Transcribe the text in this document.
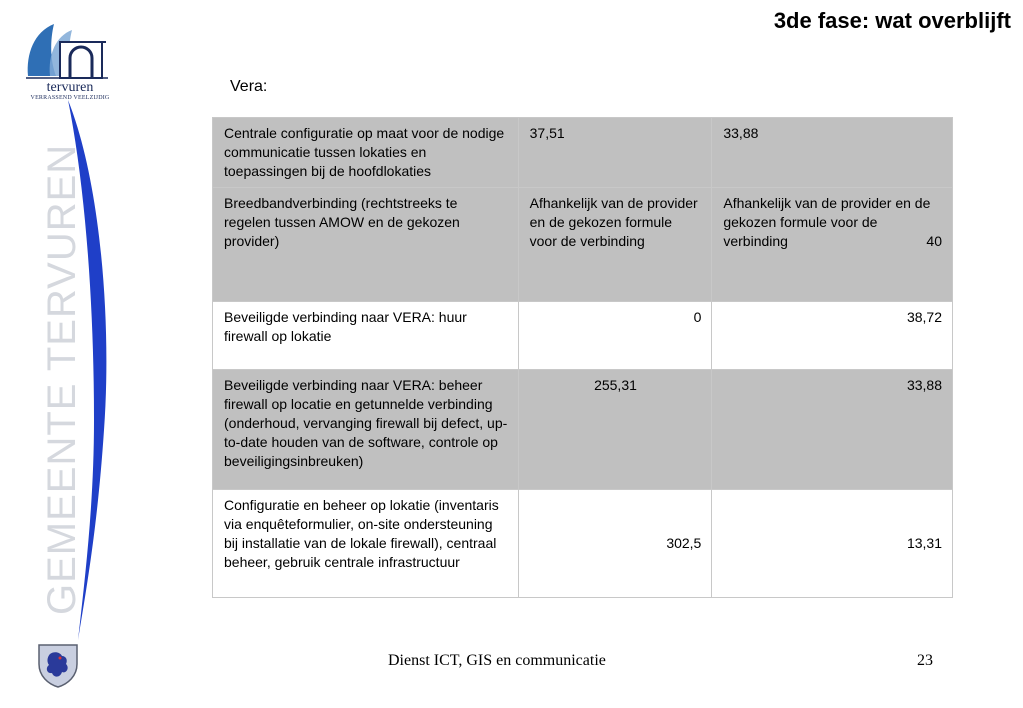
tervuren
VERRASSEND VEELZIJDIG
GEMEENTE TERVUREN
3de fase: wat overblijft
Vera:
Centrale configuratie op maat voor de nodige communicatie tussen lokaties en toepassingen bij de hoofdlokaties	37,51	33,88
Breedbandverbinding (rechtstreeks te regelen tussen AMOW en de gekozen provider)	Afhankelijk van de provider en de gekozen formule voor de verbinding	Afhankelijk van de provider en de gekozen formule voor de verbinding 40

Beveiligde verbinding naar VERA: huur firewall op lokatie	0	38,72
Beveiligde verbinding naar VERA: beheer firewall op locatie en getunnelde verbinding (onderhoud, vervanging firewall bij defect, up-to-date houden van de software, controle op beveiligingsinbreuken)	255,31	33,88
Configuratie en beheer op lokatie (inventaris via enquêteformulier, on-site ondersteuning bij installatie van de lokale firewall), centraal beheer, gebruik centrale infrastructuur	302,5	13,31
Dienst ICT, GIS en communicatie	23
